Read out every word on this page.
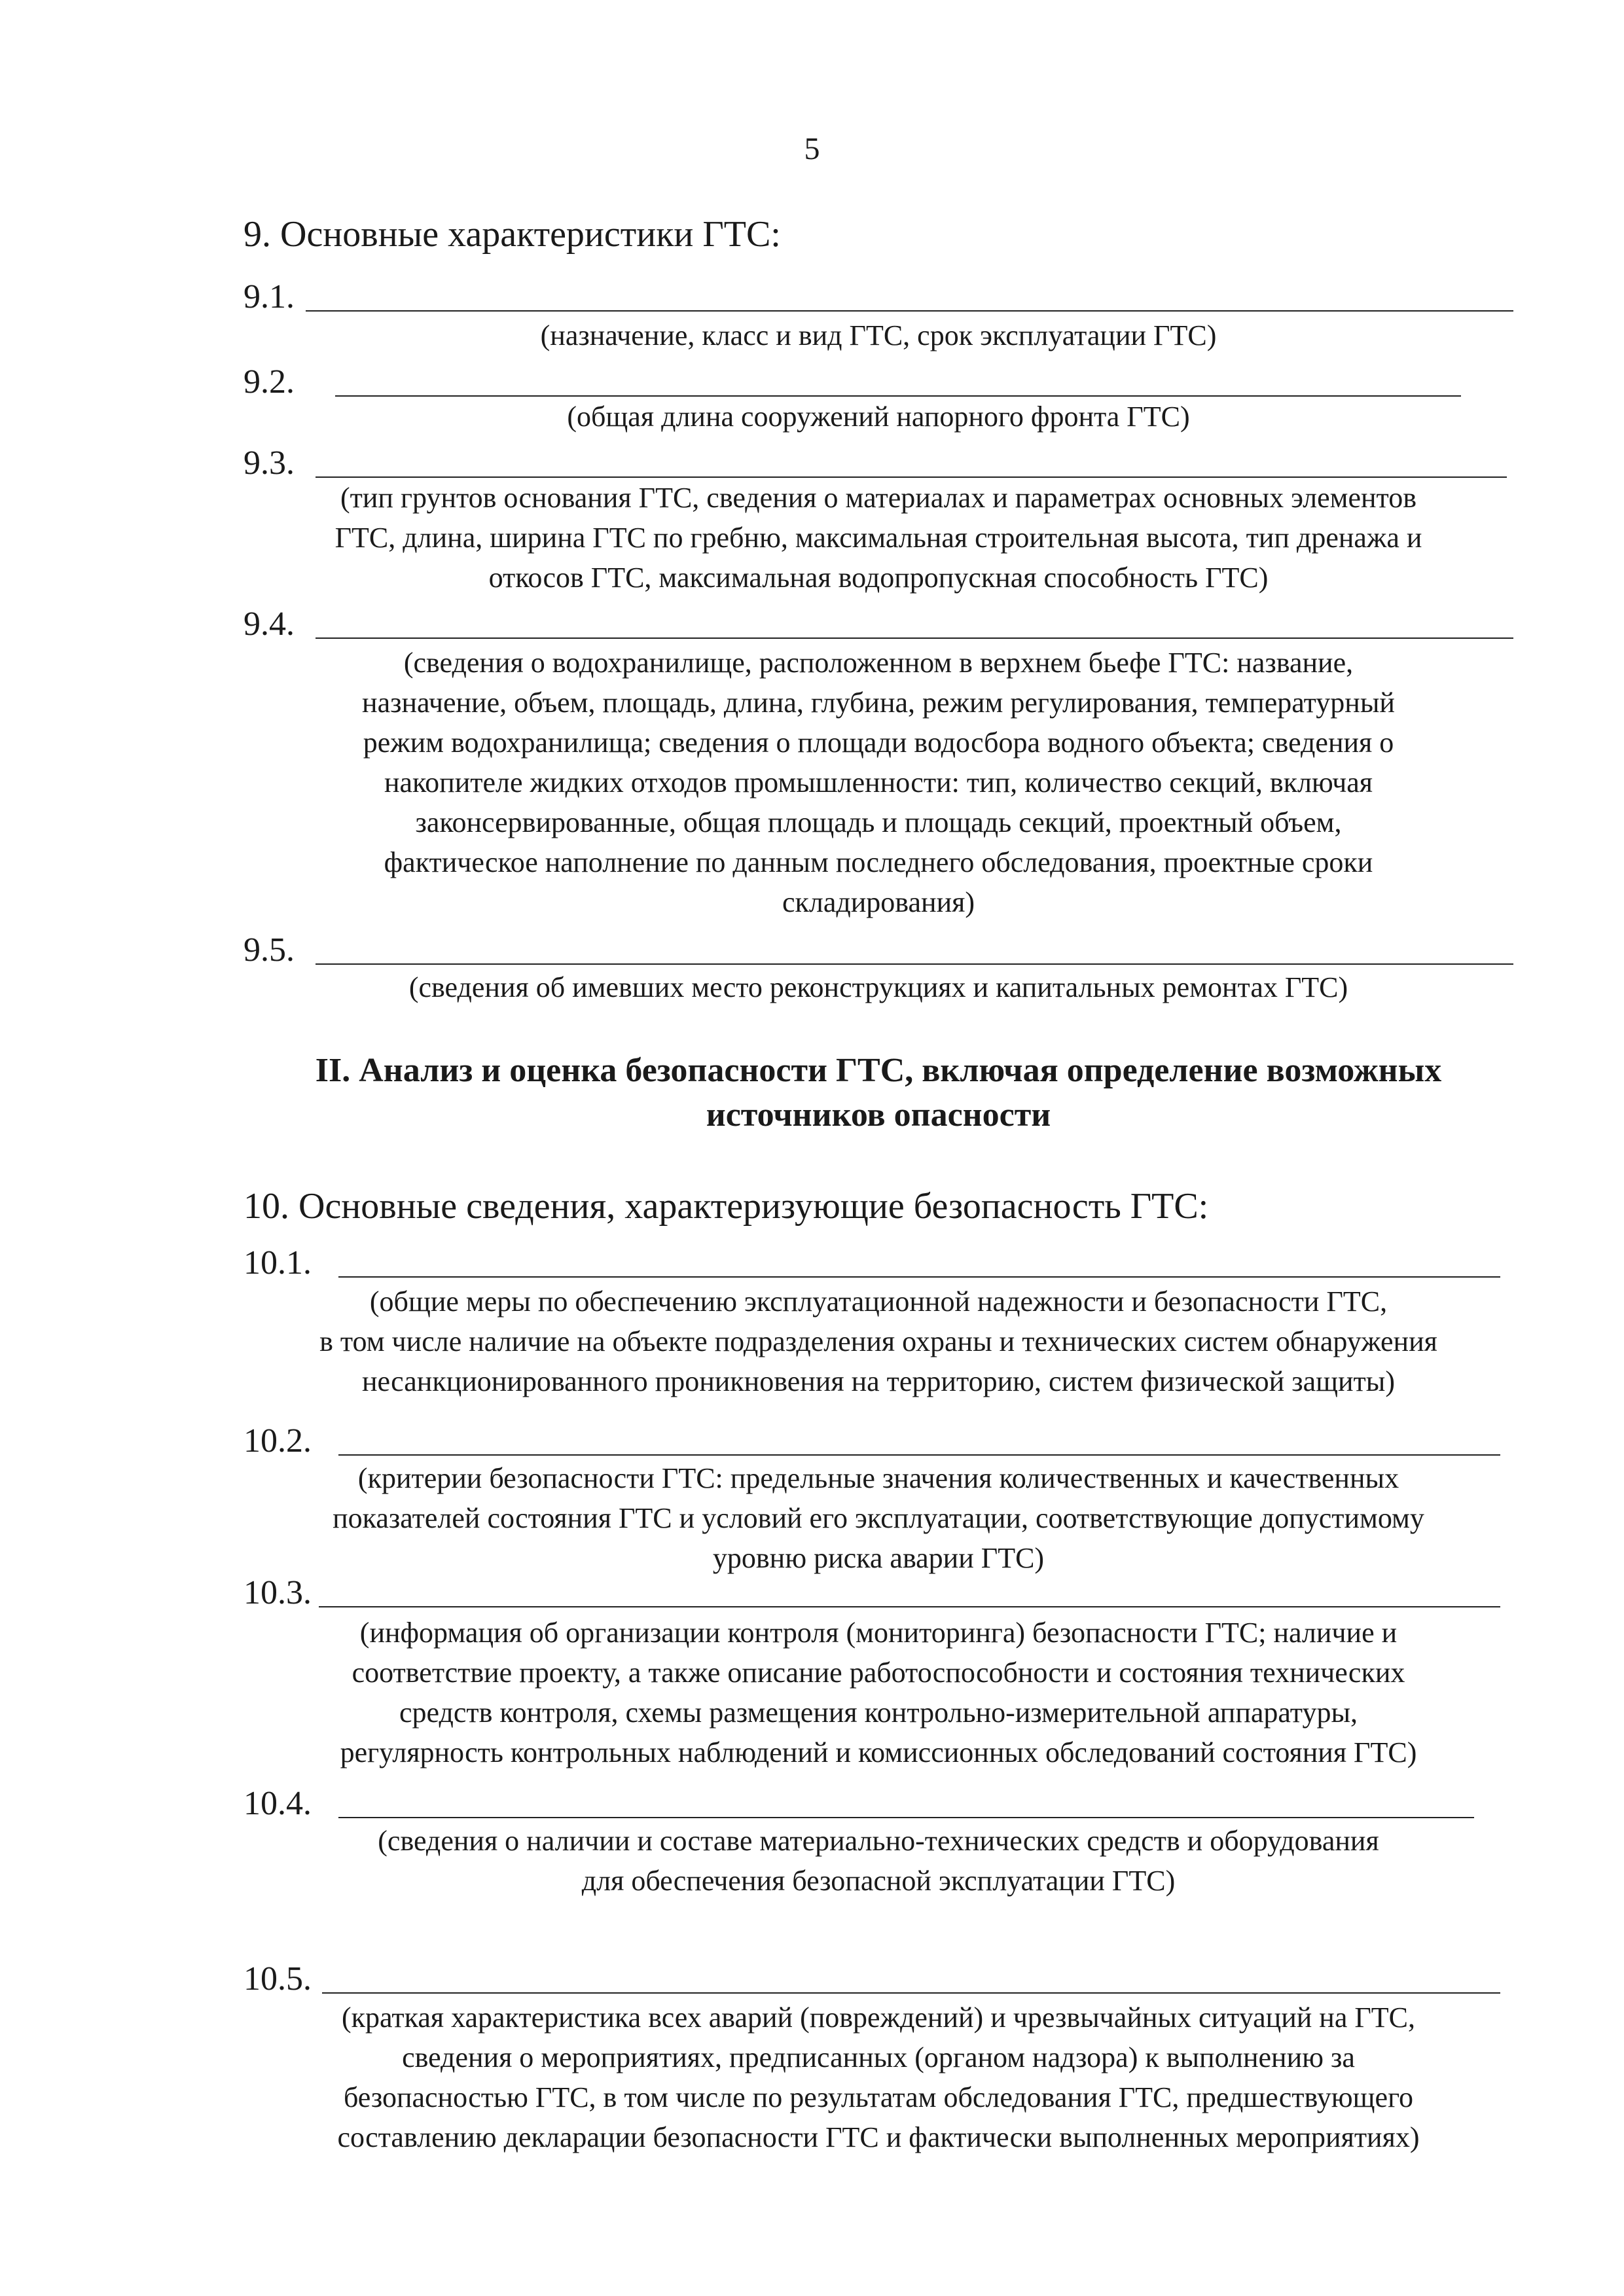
5
9. Основные характеристики ГТС:
9.1.
(назначение, класс и вид ГТС, срок эксплуатации ГТС)
9.2.
(общая длина сооружений напорного фронта ГТС)
9.3.
(тип грунтов основания ГТС, сведения о материалах и параметрах основных элементов
ГТС, длина, ширина ГТС по гребню, максимальная строительная высота, тип дренажа и
откосов ГТС, максимальная водопропускная способность ГТС)
9.4.
(сведения о водохранилище, расположенном в верхнем бьефе ГТС: название,
назначение, объем, площадь, длина, глубина, режим регулирования, температурный
режим водохранилища; сведения о площади водосбора водного объекта; сведения о
накопителе жидких отходов промышленности: тип, количество секций, включая
законсервированные, общая площадь и площадь секций, проектный объем,
фактическое наполнение по данным последнего обследования, проектные сроки
складирования)
9.5.
(сведения об имевших место реконструкциях и капитальных ремонтах ГТС)
II. Анализ и оценка безопасности ГТС, включая определение возможных источников опасности
10. Основные сведения, характеризующие безопасность ГТС:
10.1.
(общие меры по обеспечению эксплуатационной надежности и безопасности ГТС,
в том числе наличие на объекте подразделения охраны и технических систем обнаружения
несанкционированного проникновения на территорию, систем физической защиты)
10.2.
(критерии безопасности ГТС: предельные значения количественных и качественных
показателей состояния ГТС и условий его эксплуатации, соответствующие допустимому
уровню риска аварии ГТС)
10.3.
(информация об организации контроля (мониторинга) безопасности ГТС; наличие и
соответствие проекту, а также описание работоспособности и состояния технических
средств контроля, схемы размещения контрольно-измерительной аппаратуры,
регулярность контрольных наблюдений и комиссионных обследований состояния ГТС)
10.4.
(сведения о наличии и составе материально-технических средств и оборудования
для обеспечения безопасной эксплуатации ГТС)
10.5.
(краткая характеристика всех аварий (повреждений) и чрезвычайных ситуаций на ГТС,
сведения о мероприятиях, предписанных (органом надзора) к выполнению за
безопасностью ГТС, в том числе по результатам обследования ГТС, предшествующего
составлению декларации безопасности ГТС и фактически выполненных мероприятиях)
